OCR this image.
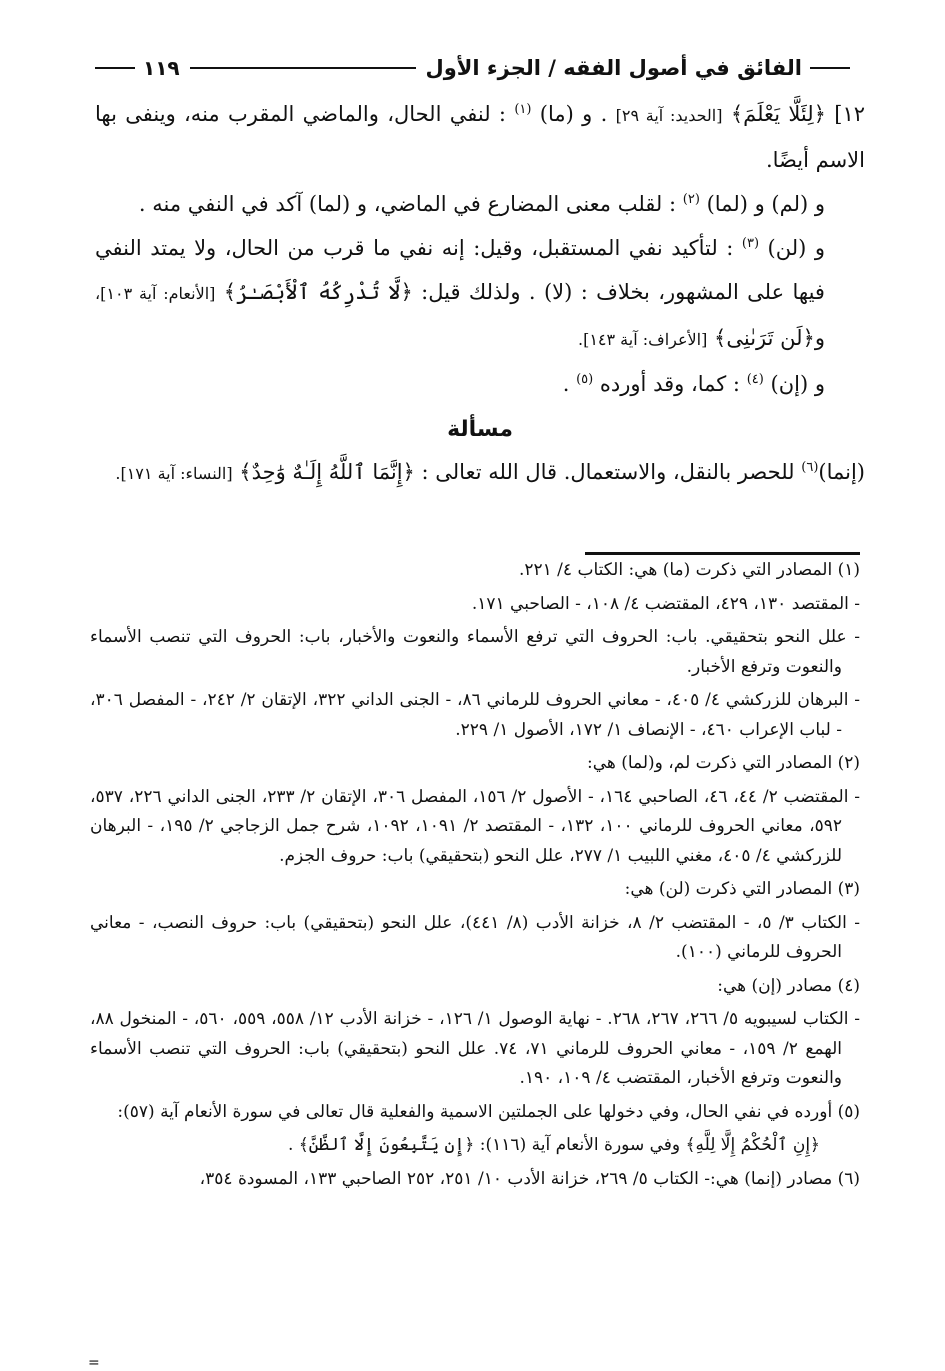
الفائق في أصول الفقه / الجزء الأول
١١٩

١٢] ﴿لِئَلَّا يَعْلَمَ﴾ [الحديد: آية ٢٩] . و (ما) $^{(١)}$ : لنفي الحال، والماضي المقرب منه، وينفى بها الاسم أيضًا.

و (لم) و (لما) $^{(٢)}$ : لقلب معنى المضارع في الماضي، و (لما) آكد في النفي منه .

و (لن) $^{(٣)}$ : لتأكيد نفي المستقبل، وقيل: إنه نفي ما قرب من الحال، ولا يمتد النفي فيها على المشهور، بخلاف : (لا) . ولذلك قيل: ﴿لَّا تُدْرِكُهُ ٱلْأَبْصَـٰرُ﴾ [الأنعام: آية ١٠٣]، و﴿لَن تَرَىٰنِى﴾ [الأعراف: آية ١٤٣].

و (إن) $^{(٤)}$ : كما، وقد أورده $^{(٥)}$ .

مسألة

(إنما)$^{(٦)}$ للحصر بالنقل، والاستعمال. قال الله تعالى : ﴿إِنَّمَا ٱللَّهُ إِلَـٰهٌ وَٰحِدٌ﴾ [النساء: آية ١٧١].

(١) المصادر التي ذكرت (ما) هي: الكتاب ٤/ ٢٢١.

- المقتصد ١٣٠، ٤٢٩، المقتضب ٤/ ١٠٨، - الصاحبي ١٧١.

- علل النحو بتحقيقي. باب: الحروف التي ترفع الأسماء والنعوت والأخبار، باب: الحروف التي تنصب الأسماء والنعوت وترفع الأخبار.

- البرهان للزركشي ٤/ ٤٠٥، - معاني الحروف للرماني ٨٦، - الجنى الداني ٣٢٢، الإتقان ٢/ ٢٤٢، - المفصل ٣٠٦، - لباب الإعراب ٤٦٠، - الإنصاف ١/ ١٧٢، الأصول ١/ ٢٢٩.

(٢) المصادر التي ذكرت لم، و(لما) هي:

- المقتضب ٢/ ٤٤، ٤٦، الصاحبي ١٦٤، - الأصول ٢/ ١٥٦، المفصل ٣٠٦، الإتقان ٢/ ٢٣٣، الجنى الداني ٢٢٦، ٥٣٧، ٥٩٢، معاني الحروف للرماني ١٠٠، ١٣٢، - المقتصد ٢/ ١٠٩١، ١٠٩٢، شرح جمل الزجاجي ٢/ ١٩٥، - البرهان للزركشي ٤/ ٤٠٥، مغني اللبيب ١/ ٢٧٧، علل النحو (بتحقيقي) باب: حروف الجزم.

(٣) المصادر التي ذكرت (لن) هي:

- الكتاب ٣/ ٥، - المقتضب ٢/ ٨، خزانة الأدب (٨/ ٤٤١)، علل النحو (بتحقيقي) باب: حروف النصب، - معاني الحروف للرماني (١٠٠).

(٤) مصادر (إن) هي:

- الكتاب لسيبويه ٥/ ٢٦٦، ٢٦٧، ٢٦٨. - نهاية الوصول ١/ ١٢٦، - خزانة الأدب ١٢/ ٥٥٨، ٥٥٩، ٥٦٠، - المنخول ٨٨، الهمع ٢/ ١٥٩، - معاني الحروف للرماني ٧١، ٧٤. علل النحو (بتحقيقي) باب: الحروف التي تنصب الأسماء والنعوت وترفع الأخبار، المقتضب ٤/ ١٠٩، ١٩٠.

(٥) أورده في نفي الحال، وفي دخولها على الجملتين الاسمية والفعلية قال تعالى في سورة الأنعام آية (٥٧):

﴿إِنِ ٱلْحُكْمُ إِلَّا لِلَّهِ﴾ وفي سورة الأنعام آية (١١٦): ﴿إِن يَتَّبِعُونَ إِلَّا ٱلظَّنَّ﴾ .

(٦) مصادر (إنما) هي:- الكتاب ٥/ ٢٦٩، خزانة الأدب ١٠/ ٢٥١، ٢٥٢ الصاحبي ١٣٣، المسودة ٣٥٤،

=
